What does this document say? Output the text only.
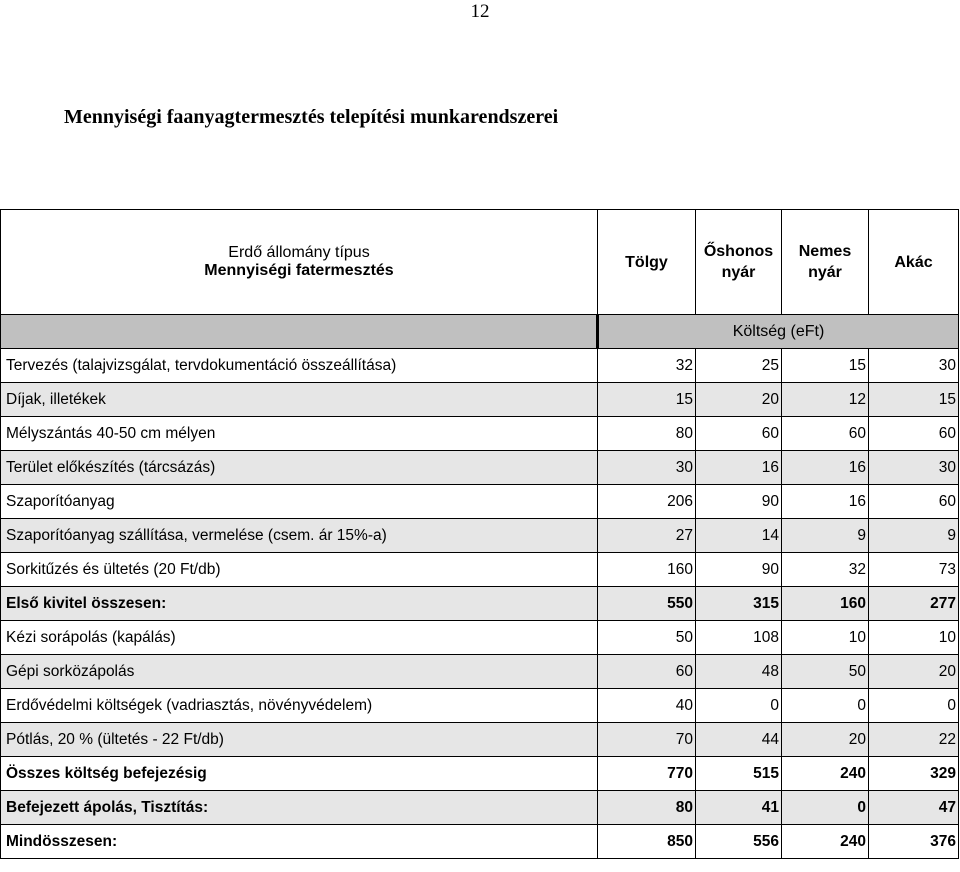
12
Mennyiségi faanyagtermesztés telepítési munkarendszerei
Erdő állomány típus
Mennyiségi fatermesztés	Tölgy	Őshonos nyár	Nemes nyár	Akác
	Költség (eFt)			
Tervezés (talajvizsgálat, tervdokumentáció összeállítása)	32	25	15	30
Díjak, illetékek	15	20	12	15
Mélyszántás 40-50 cm mélyen	80	60	60	60
Terület előkészítés (tárcsázás)	30	16	16	30
Szaporítóanyag	206	90	16	60
Szaporítóanyag szállítása, vermelése (csem. ár 15%-a)	27	14	9	9
Sorkitűzés és ültetés (20 Ft/db)	160	90	32	73
Első kivitel összesen:	550	315	160	277
Kézi sorápolás (kapálás)	50	108	10	10
Gépi sorközápolás	60	48	50	20
Erdővédelmi költségek (vadriasztás, növényvédelem)	40	0	0	0
Pótlás, 20 % (ültetés - 22 Ft/db)	70	44	20	22
Összes költség befejezésig	770	515	240	329
Befejezett ápolás, Tisztítás:	80	41	0	47
Mindösszesen:	850	556	240	376
